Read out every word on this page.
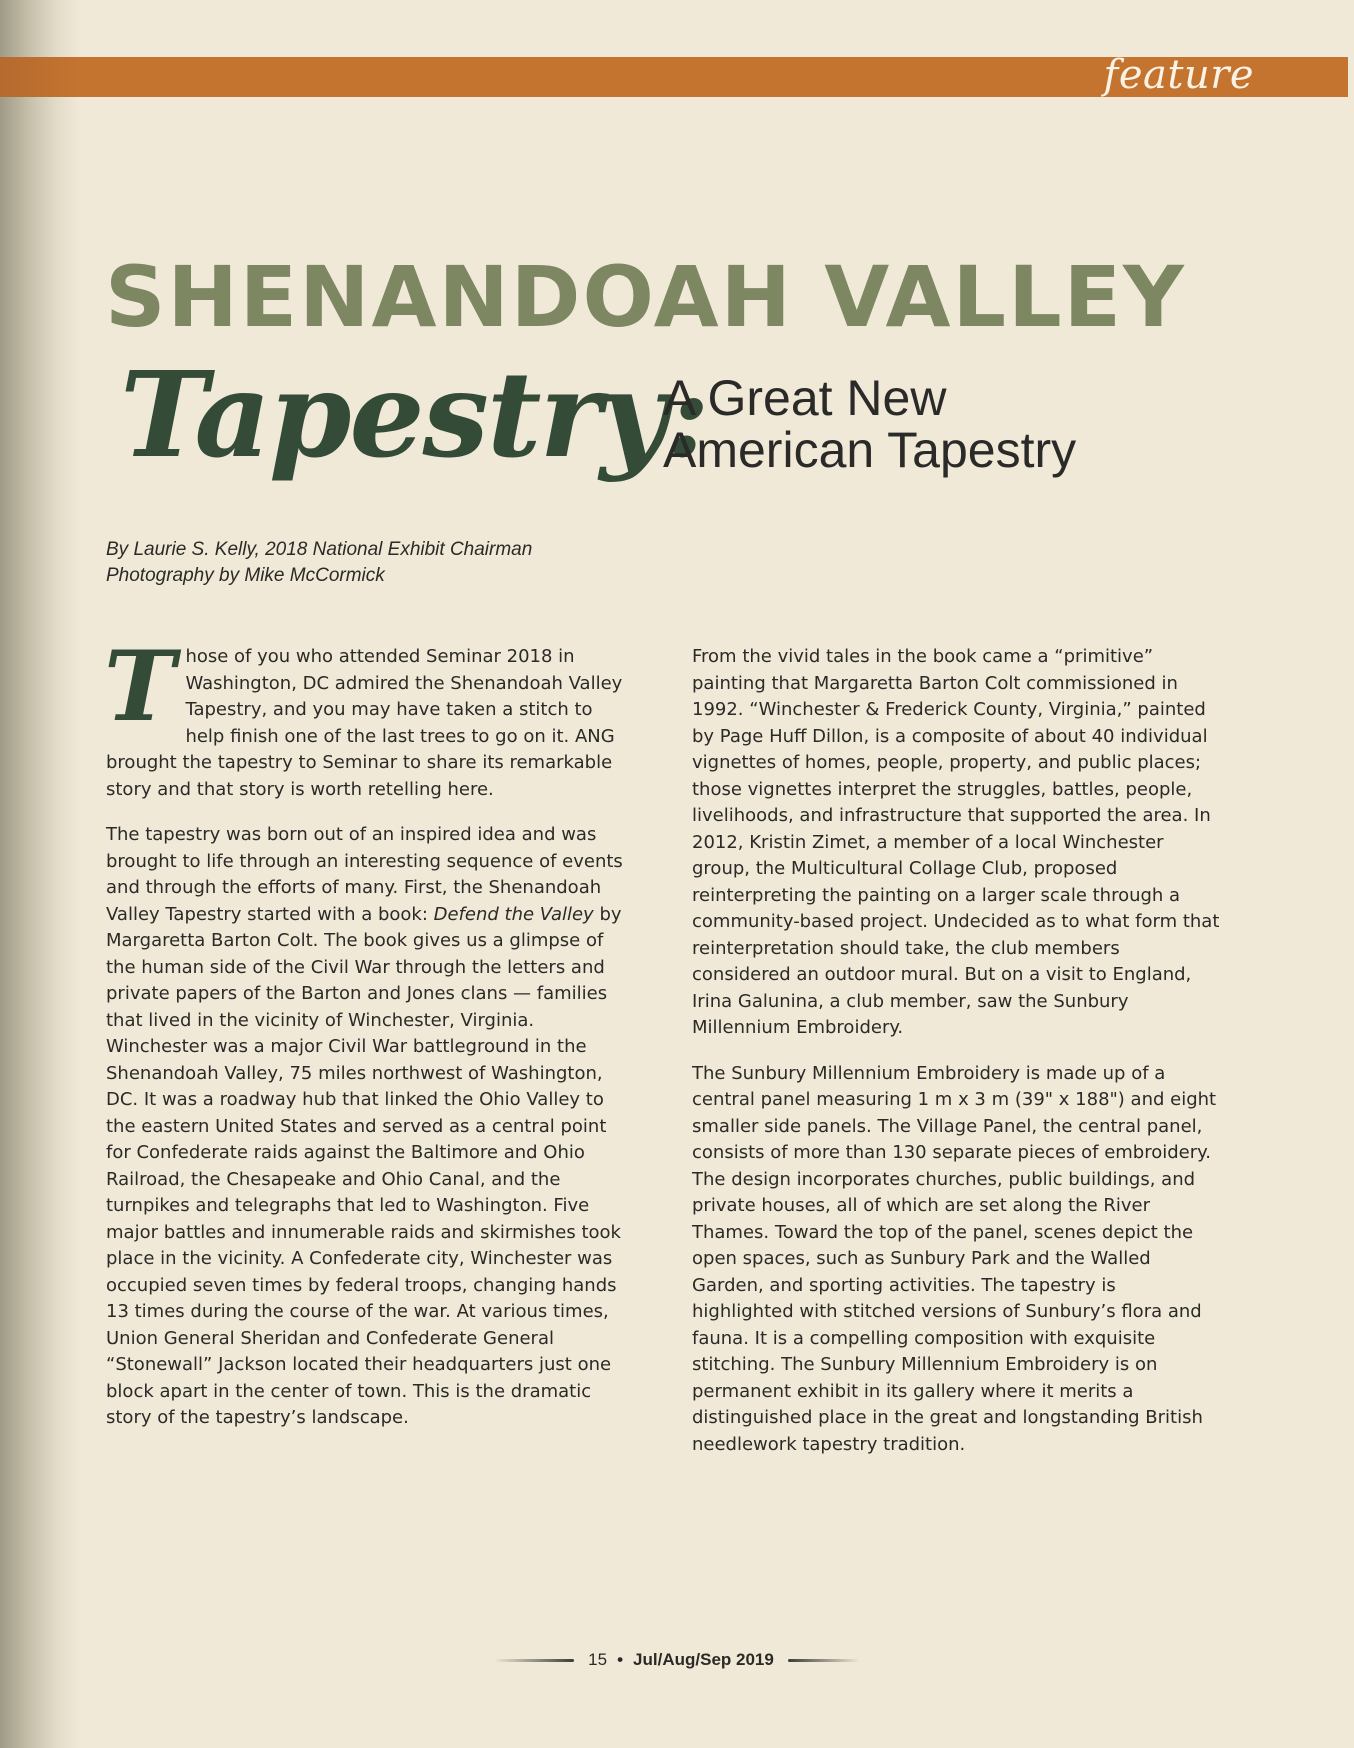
feature
SHENANDOAH VALLEY
Tapestry:
A Great New
American Tapestry
By Laurie S. Kelly, 2018 National Exhibit Chairman
Photography by Mike McCormick

Those of you who attended Seminar 2018 in Washington, DC admired the Shenandoah Valley Tapestry, and you may have taken a stitch to help finish one of the last trees to go on it. ANG brought the tapestry to Seminar to share its remarkable story and that story is worth retelling here.

The tapestry was born out of an inspired idea and was brought to life through an interesting sequence of events and through the efforts of many. First, the Shenandoah Valley Tapestry started with a book: Defend the Valley by Margaretta Barton Colt. The book gives us a glimpse of the human side of the Civil War through the letters and private papers of the Barton and Jones clans — families that lived in the vicinity of Winchester, Virginia. Winchester was a major Civil War battleground in the Shenandoah Valley, 75 miles northwest of Washington, DC. It was a roadway hub that linked the Ohio Valley to the eastern United States and served as a central point for Confederate raids against the Baltimore and Ohio Railroad, the Chesapeake and Ohio Canal, and the turnpikes and telegraphs that led to Washington. Five major battles and innumerable raids and skirmishes took place in the vicinity. A Confederate city, Winchester was occupied seven times by federal troops, changing hands 13 times during the course of the war. At various times, Union General Sheridan and Confederate General “Stonewall” Jackson located their headquarters just one block apart in the center of town. This is the dramatic story of the tapestry’s landscape.

From the vivid tales in the book came a “primitive” painting that Margaretta Barton Colt commissioned in 1992. “Winchester & Frederick County, Virginia,” painted by Page Huff Dillon, is a composite of about 40 individual vignettes of homes, people, property, and public places; those vignettes interpret the struggles, battles, people, livelihoods, and infrastructure that supported the area. In 2012, Kristin Zimet, a member of a local Winchester group, the Multicultural Collage Club, proposed reinterpreting the painting on a larger scale through a community-based project. Undecided as to what form that reinterpretation should take, the club members considered an outdoor mural. But on a visit to England, Irina Galunina, a club member, saw the Sunbury Millennium Embroidery.

The Sunbury Millennium Embroidery is made up of a central panel measuring 1 m x 3 m (39" x 188") and eight smaller side panels. The Village Panel, the central panel, consists of more than 130 separate pieces of embroidery. The design incorporates churches, public buildings, and private houses, all of which are set along the River Thames. Toward the top of the panel, scenes depict the open spaces, such as Sunbury Park and the Walled Garden, and sporting activities. The tapestry is highlighted with stitched versions of Sunbury’s flora and fauna. It is a compelling composition with exquisite stitching. The Sunbury Millennium Embroidery is on permanent exhibit in its gallery where it merits a distinguished place in the great and longstanding British needlework tapestry tradition.

15 • Jul/Aug/Sep 2019
